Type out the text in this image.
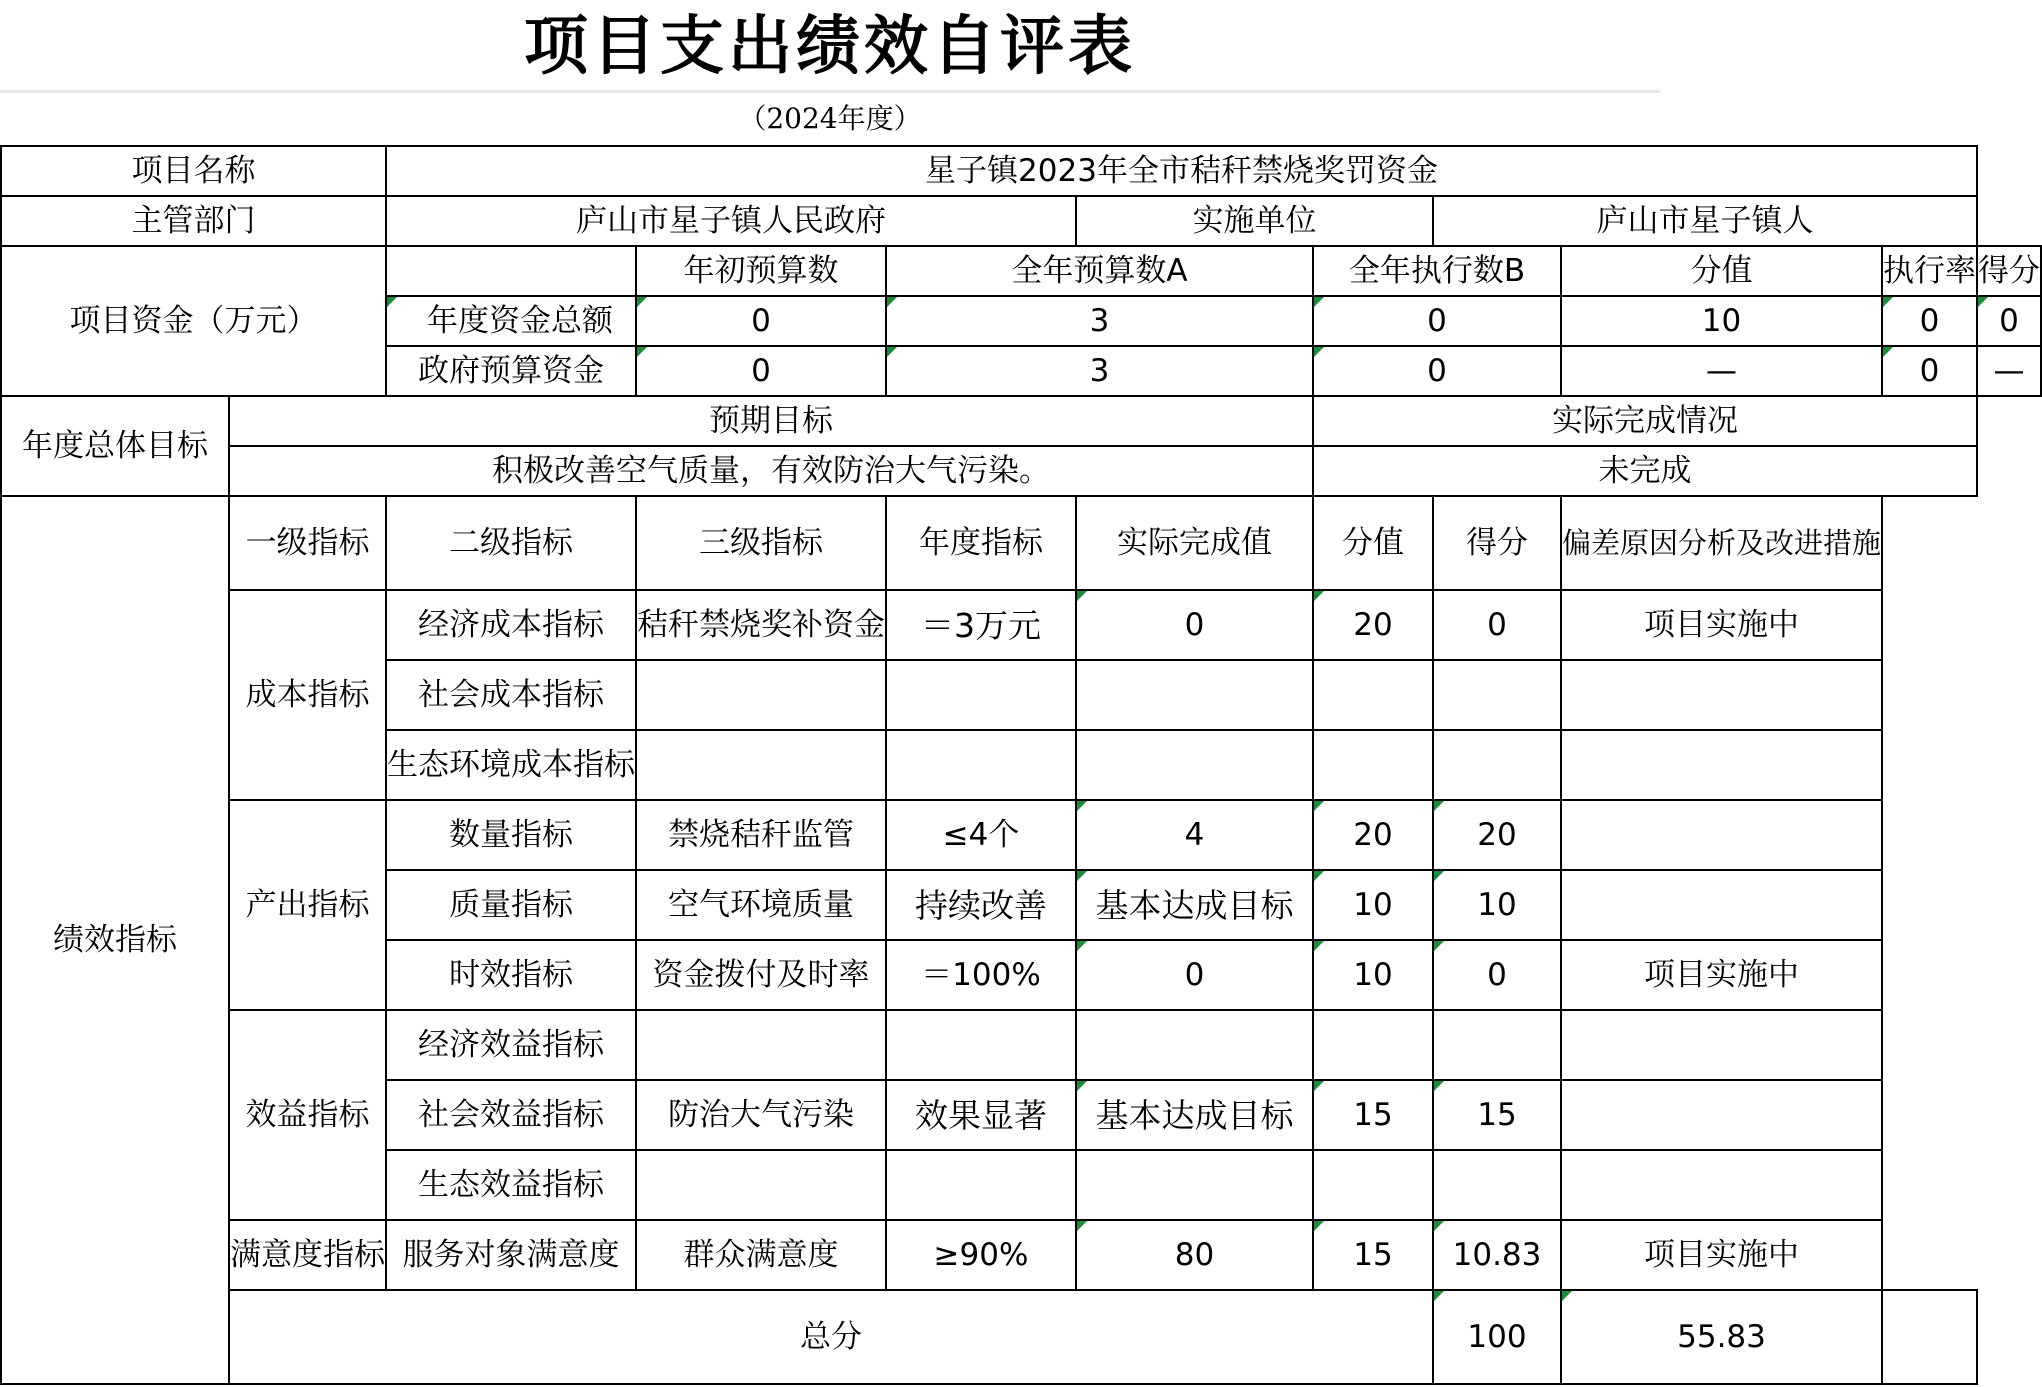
项目支出绩效自评表
（2024年度）
项目名称		星子镇2023年全市秸秆禁烧奖罚资金								
主管部门		庐山市星子镇人民政府			实施单位		庐山市星子镇人			
项目资金（万元）			年初预算数	全年预算数A		全年执行数B		分值	执行率	得分
		年度资金总额	0	3		0		10	0	0
		政府预算资金	0	3		0		—	0	—
年度总体目标	预期目标					实际完成情况				
	积极改善空气质量，有效防治大气污染。					未完成				
绩效指标	一级指标	二级指标	三级指标	年度指标	实际完成值	分值	得分	偏差原因分析及改进措施		
	成本指标	经济成本指标	秸秆禁烧奖补资金	＝3万元	0	20	0	项目实施中		
		社会成本指标								
		生态环境成本指标								
	产出指标	数量指标	禁烧秸秆监管	≤4个	4	20	20			
		质量指标	空气环境质量	持续改善	基本达成目标	10	10			
		时效指标	资金拨付及时率	＝100%	0	10	0	项目实施中		
	效益指标	经济效益指标								
		社会效益指标	防治大气污染	效果显著	基本达成目标	15	15			
		生态效益指标								
	满意度指标	服务对象满意度	群众满意度	≥90%	80	15	10.83	项目实施中		
	总分						100	55.83		
